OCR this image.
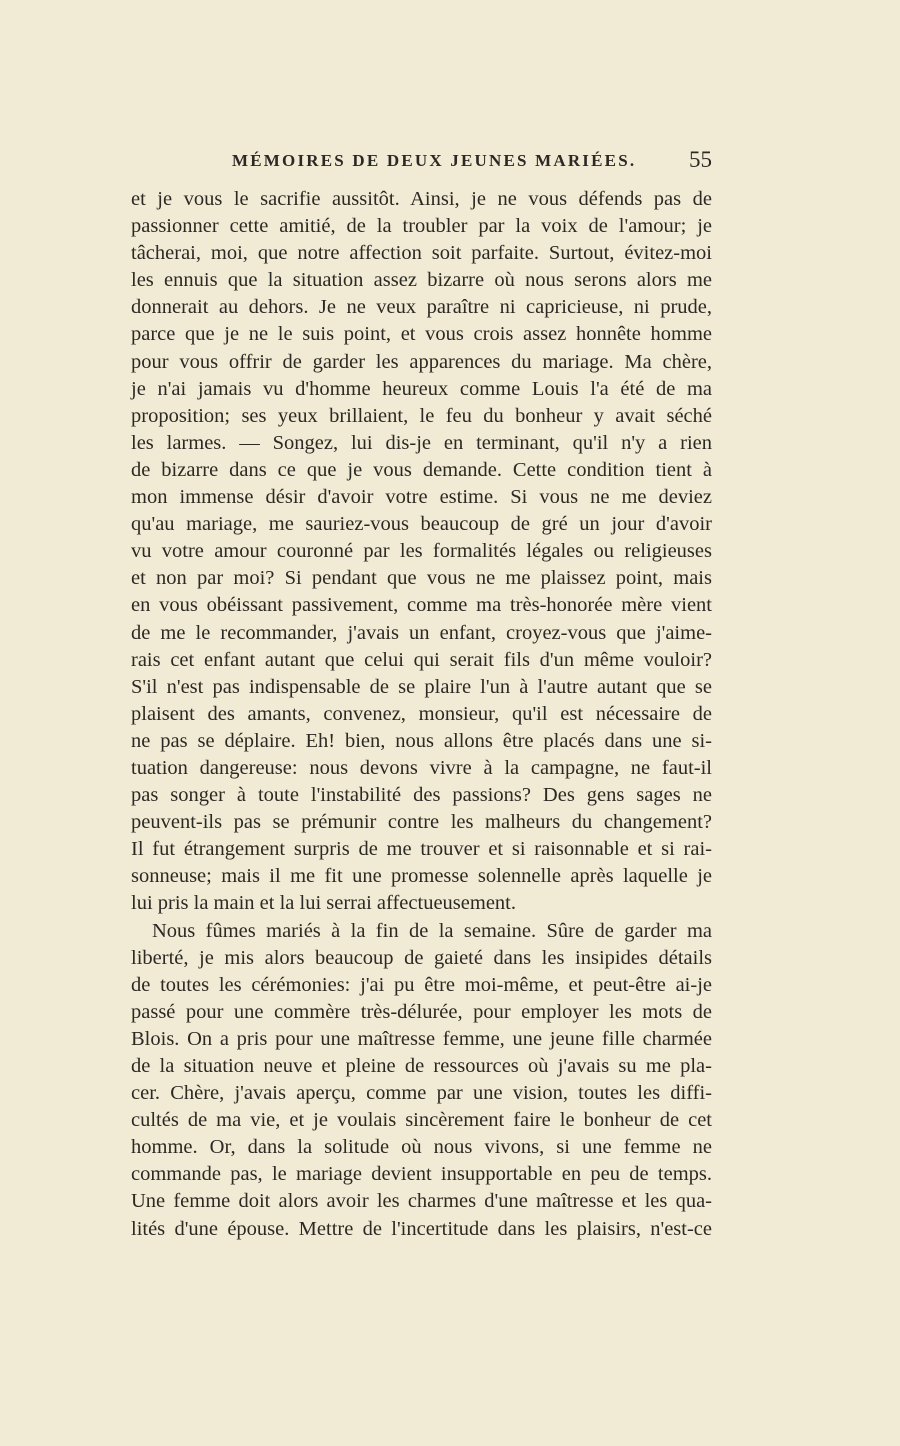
MÉMOIRES DE DEUX JEUNES MARIÉES. 55
et je vous le sacrifie aussitôt. Ainsi, je ne vous défends pas de
passionner cette amitié, de la troubler par la voix de l'amour; je
tâcherai, moi, que notre affection soit parfaite. Surtout, évitez-moi
les ennuis que la situation assez bizarre où nous serons alors me
donnerait au dehors. Je ne veux paraître ni capricieuse, ni prude,
parce que je ne le suis point, et vous crois assez honnête homme
pour vous offrir de garder les apparences du mariage. Ma chère,
je n'ai jamais vu d'homme heureux comme Louis l'a été de ma
proposition; ses yeux brillaient, le feu du bonheur y avait séché
les larmes. — Songez, lui dis-je en terminant, qu'il n'y a rien
de bizarre dans ce que je vous demande. Cette condition tient à
mon immense désir d'avoir votre estime. Si vous ne me deviez
qu'au mariage, me sauriez-vous beaucoup de gré un jour d'avoir
vu votre amour couronné par les formalités légales ou religieuses
et non par moi? Si pendant que vous ne me plaissez point, mais
en vous obéissant passivement, comme ma très-honorée mère vient
de me le recommander, j'avais un enfant, croyez-vous que j'aime-
rais cet enfant autant que celui qui serait fils d'un même vouloir?
S'il n'est pas indispensable de se plaire l'un à l'autre autant que se
plaisent des amants, convenez, monsieur, qu'il est nécessaire de
ne pas se déplaire. Eh! bien, nous allons être placés dans une si-
tuation dangereuse: nous devons vivre à la campagne, ne faut-il
pas songer à toute l'instabilité des passions? Des gens sages ne
peuvent-ils pas se prémunir contre les malheurs du changement?
Il fut étrangement surpris de me trouver et si raisonnable et si rai-
sonneuse; mais il me fit une promesse solennelle après laquelle je
lui pris la main et la lui serrai affectueusement.
Nous fûmes mariés à la fin de la semaine. Sûre de garder ma
liberté, je mis alors beaucoup de gaieté dans les insipides détails
de toutes les cérémonies: j'ai pu être moi-même, et peut-être ai-je
passé pour une commère très-délurée, pour employer les mots de
Blois. On a pris pour une maîtresse femme, une jeune fille charmée
de la situation neuve et pleine de ressources où j'avais su me pla-
cer. Chère, j'avais aperçu, comme par une vision, toutes les diffi-
cultés de ma vie, et je voulais sincèrement faire le bonheur de cet
homme. Or, dans la solitude où nous vivons, si une femme ne
commande pas, le mariage devient insupportable en peu de temps.
Une femme doit alors avoir les charmes d'une maîtresse et les qua-
lités d'une épouse. Mettre de l'incertitude dans les plaisirs, n'est-ce
